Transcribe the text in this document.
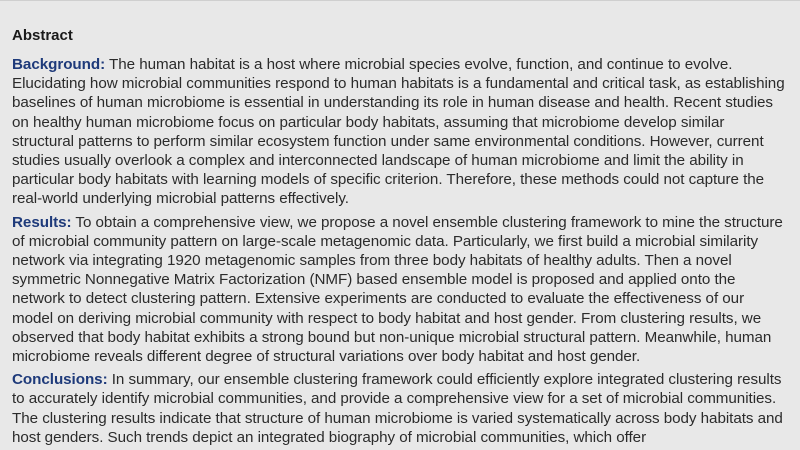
Abstract

Background: The human habitat is a host where microbial species evolve, function, and continue to evolve. Elucidating how microbial communities respond to human habitats is a fundamental and critical task, as establishing baselines of human microbiome is essential in understanding its role in human disease and health. Recent studies on healthy human microbiome focus on particular body habitats, assuming that microbiome develop similar structural patterns to perform similar ecosystem function under same environmental conditions. However, current studies usually overlook a complex and interconnected landscape of human microbiome and limit the ability in particular body habitats with learning models of specific criterion. Therefore, these methods could not capture the real-world underlying microbial patterns effectively.

Results: To obtain a comprehensive view, we propose a novel ensemble clustering framework to mine the structure of microbial community pattern on large-scale metagenomic data. Particularly, we first build a microbial similarity network via integrating 1920 metagenomic samples from three body habitats of healthy adults. Then a novel symmetric Nonnegative Matrix Factorization (NMF) based ensemble model is proposed and applied onto the network to detect clustering pattern. Extensive experiments are conducted to evaluate the effectiveness of our model on deriving microbial community with respect to body habitat and host gender. From clustering results, we observed that body habitat exhibits a strong bound but non-unique microbial structural pattern. Meanwhile, human microbiome reveals different degree of structural variations over body habitat and host gender.

Conclusions: In summary, our ensemble clustering framework could efficiently explore integrated clustering results to accurately identify microbial communities, and provide a comprehensive view for a set of microbial communities. The clustering results indicate that structure of human microbiome is varied systematically across body habitats and host genders. Such trends depict an integrated biography of microbial communities, which offer
